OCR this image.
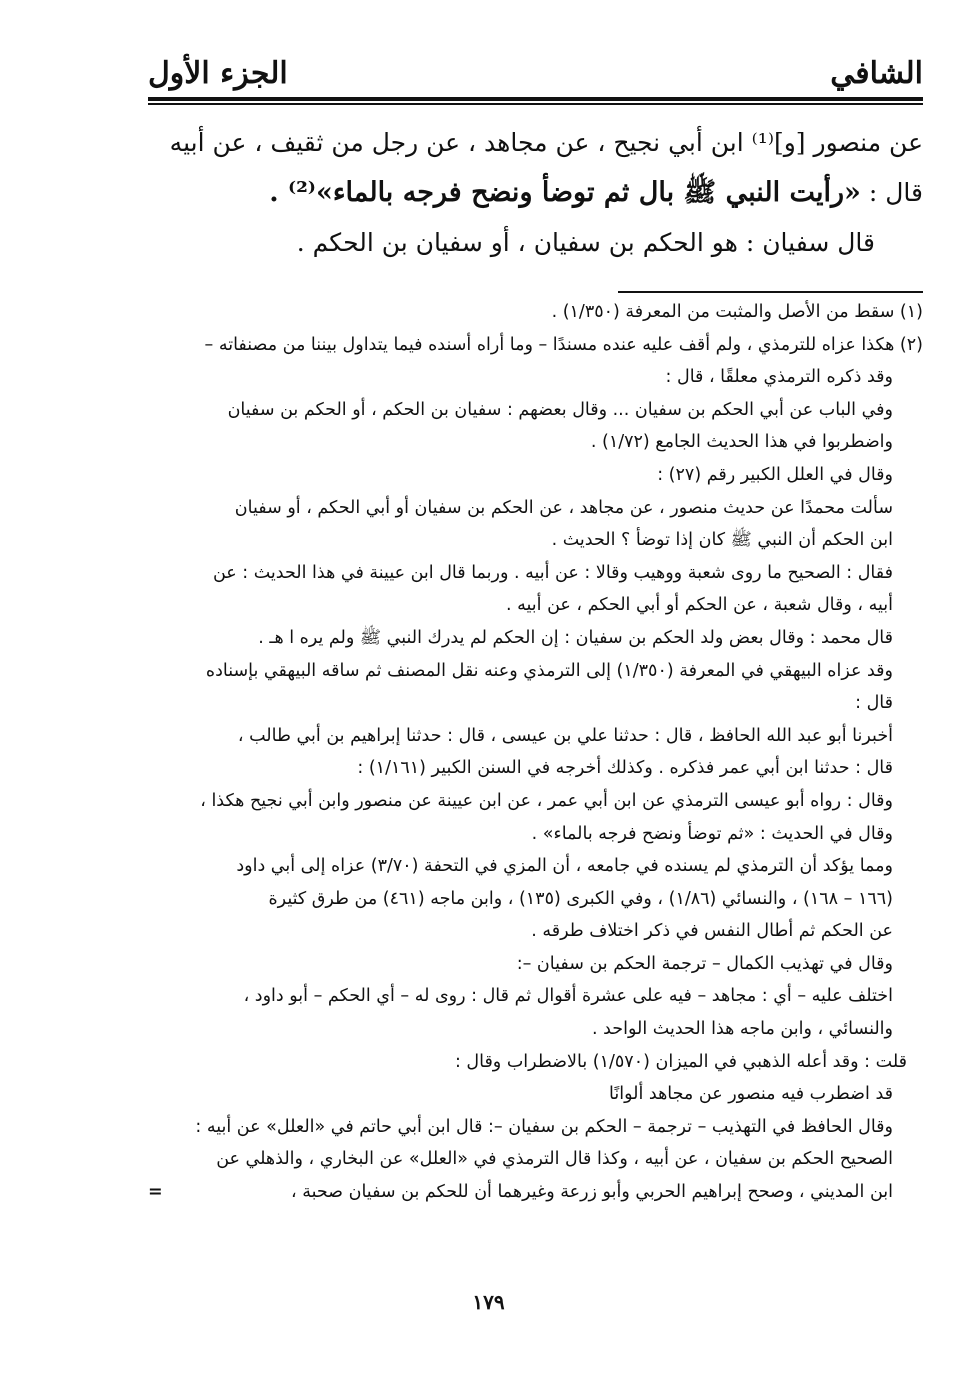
الشافي
الجزء الأول

عن منصور [و]⁽¹⁾ ابن أبي نجيح ، عن مجاهد ، عن رجل من ثقيف ، عن أبيه

قال : «رأيت النبي ﷺ بال ثم توضأ ونضح فرجه بالماء»⁽²⁾ .

قال سفيان : هو الحكم بن سفيان ، أو سفيان بن الحكم .

(١) سقط من الأصل والمثبت من المعرفة (١/٣٥٠) .

(٢) هكذا عزاه للترمذي ، ولم أقف عليه عنده مسندًا – وما أراه أسنده فيما يتداول بيننا من مصنفاته –

وقد ذكره الترمذي معلقًا ، قال :

وفي الباب عن أبي الحكم بن سفيان ... وقال بعضهم : سفيان بن الحكم ، أو الحكم بن سفيان

واضطربوا في هذا الحديث الجامع (١/٧٢) .

وقال في العلل الكبير رقم (٢٧) :

سألت محمدًا عن حديث منصور ، عن مجاهد ، عن الحكم بن سفيان أو أبي الحكم ، أو سفيان

ابن الحكم أن النبي ﷺ كان إذا توضأ ؟ الحديث .

فقال : الصحيح ما روى شعبة ووهيب وقالا : عن أبيه . وربما قال ابن عيينة في هذا الحديث : عن

أبيه ، وقال شعبة ، عن الحكم أو أبي الحكم ، عن أبيه .

قال محمد : وقال بعض ولد الحكم بن سفيان : إن الحكم لم يدرك النبي ﷺ ولم يره ا هـ .

وقد عزاه البيهقي في المعرفة (١/٣٥٠) إلى الترمذي وعنه نقل المصنف ثم ساقه البيهقي بإسناده

قال :

أخبرنا أبو عبد الله الحافظ ، قال : حدثنا علي بن عيسى ، قال : حدثنا إبراهيم بن أبي طالب ،

قال : حدثنا ابن أبي عمر فذكره . وكذلك أخرجه في السنن الكبير (١/١٦١) :

وقال : رواه أبو عيسى الترمذي عن ابن أبي عمر ، عن ابن عيينة عن منصور وابن أبي نجيح هكذا ،

وقال في الحديث : «ثم توضأ ونضح فرجه بالماء» .

ومما يؤكد أن الترمذي لم يسنده في جامعه ، أن المزي في التحفة (٣/٧٠) عزاه إلى أبي داود

(١٦٦ – ١٦٨) ، والنسائي (١/٨٦) ، وفي الكبرى (١٣٥) ، وابن ماجه (٤٦١) من طرق كثيرة

عن الحكم ثم أطال النفس في ذكر اختلاف طرقه .

وقال في تهذيب الكمال – ترجمة الحكم بن سفيان –:

اختلف عليه – أي : مجاهد – فيه على عشرة أقوال ثم قال : روى له – أي الحكم – أبو داود ،

والنسائي ، وابن ماجه هذا الحديث الواحد .

قلت : وقد أعله الذهبي في الميزان (١/٥٧٠) بالاضطراب وقال :

قد اضطرب فيه منصور عن مجاهد ألوانًا

وقال الحافظ في التهذيب – ترجمة – الحكم بن سفيان –: قال ابن أبي حاتم في «العلل» عن أبيه :

الصحيح الحكم بن سفيان ، عن أبيه ، وكذا قال الترمذي في «العلل» عن البخاري ، والذهلي عن

ابن المديني ، وصحح إبراهيم الحربي وأبو زرعة وغيرهما أن للحكم بن سفيان صحبة ،
=

١٧٩
